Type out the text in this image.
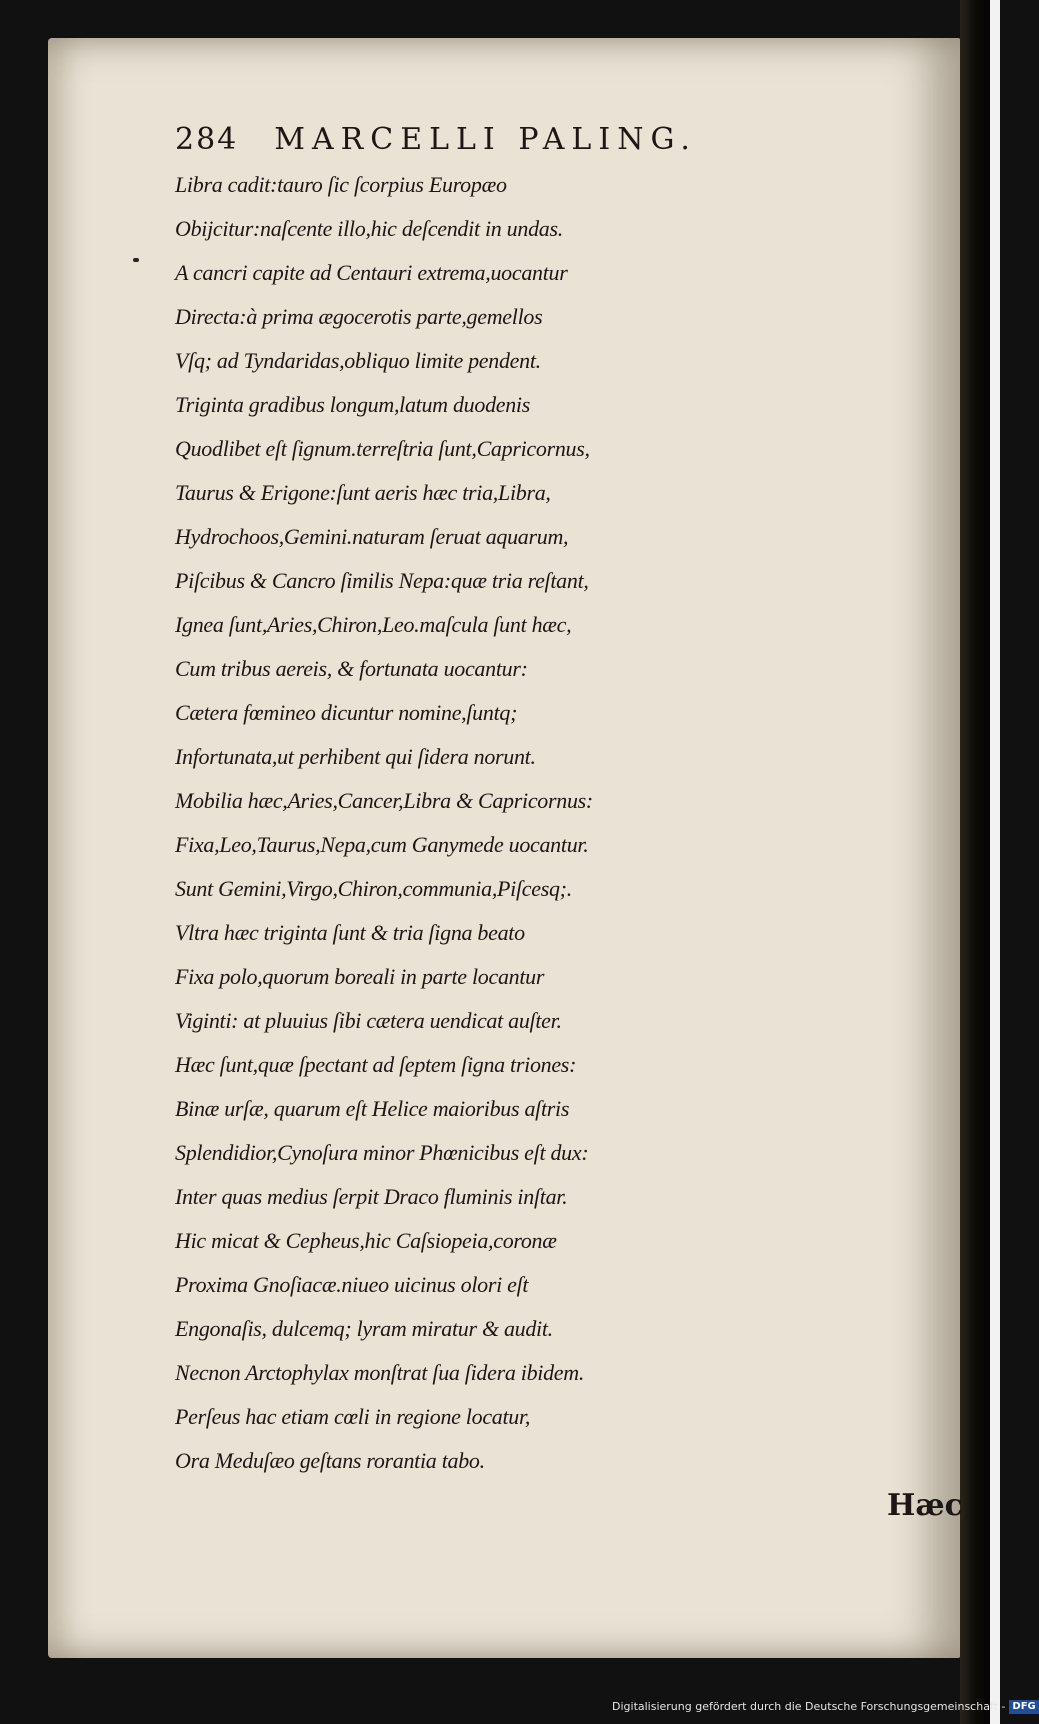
284 MARCELLI PALING.
Libra cadit:tauro ſic ſcorpius Europæo
Obijcitur:naſcente illo,hic deſcendit in undas.
A cancri capite ad Centauri extrema,uocantur
Directa:à prima ægocerotis parte,gemellos
Vſq; ad Tyndaridas,obliquo limite pendent.
Triginta gradibus longum,latum duodenis
Quodlibet eſt ſignum.terreſtria ſunt,Capricornus,
Taurus & Erigone:ſunt aeris hæc tria,Libra,
Hydrochoos,Gemini.naturam ſeruat aquarum,
Piſcibus & Cancro ſimilis Nepa:quæ tria reſtant,
Ignea ſunt,Aries,Chiron,Leo.maſcula ſunt hæc,
Cum tribus aereis, & fortunata uocantur:
Cætera fœmineo dicuntur nomine,ſuntq;
Infortunata,ut perhibent qui ſidera norunt.
Mobilia hæc,Aries,Cancer,Libra & Capricornus:
Fixa,Leo,Taurus,Nepa,cum Ganymede uocantur.
Sunt Gemini,Virgo,Chiron,communia,Piſcesq;.
Vltra hæc triginta ſunt & tria ſigna beato
Fixa polo,quorum boreali in parte locantur
Viginti: at pluuius ſibi cætera uendicat auſter.
Hæc ſunt,quæ ſpectant ad ſeptem ſigna triones:
Binæ urſæ, quarum eſt Helice maioribus aſtris
Splendidior,Cynoſura minor Phœnicibus eſt dux:
Inter quas medius ſerpit Draco fluminis inſtar.
Hic micat & Cepheus,hic Caſsiopeia,coronæ
Proxima Gnoſiacæ.niueo uicinus olori eſt
Engonaſis, dulcemq; lyram miratur & audit.
Necnon Arctophylax monſtrat ſua ſidera ibidem.
Perſeus hac etiam cœli in regione locatur,
Ora Meduſæo geſtans rorantia tabo.
Hæc
Digitalisierung gefördert durch die Deutsche Forschungsgemeinschaft - DFG
